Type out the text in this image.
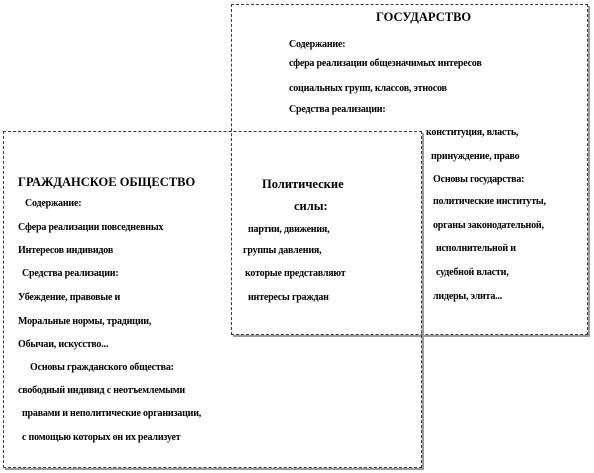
ГОСУДАРСТВО
Содержание:
сфера реализации общезначимых интересов
социальных групп, классов, этносов
Средства реализации:
конституция, власть,
принуждение, право
Основы государства:
политические институты,
органы законодательной,
исполнительной и
судебной власти,
лидеры, элита...
ГРАЖДАНСКОЕ ОБЩЕСТВО
Содержание:
Сфера реализации повседневных
Интересов индивидов
Средства реализации:
Убеждение, правовые и
Моральные нормы, традиции,
Обычаи, искусство...
Основы гражданского общества:
свободный индивид с неотъемлемыми
правами и неполитические организации,
с помощью которых он их реализует
Политические
силы:
партии, движения,
группы давления,
которые представляют
интересы граждан
